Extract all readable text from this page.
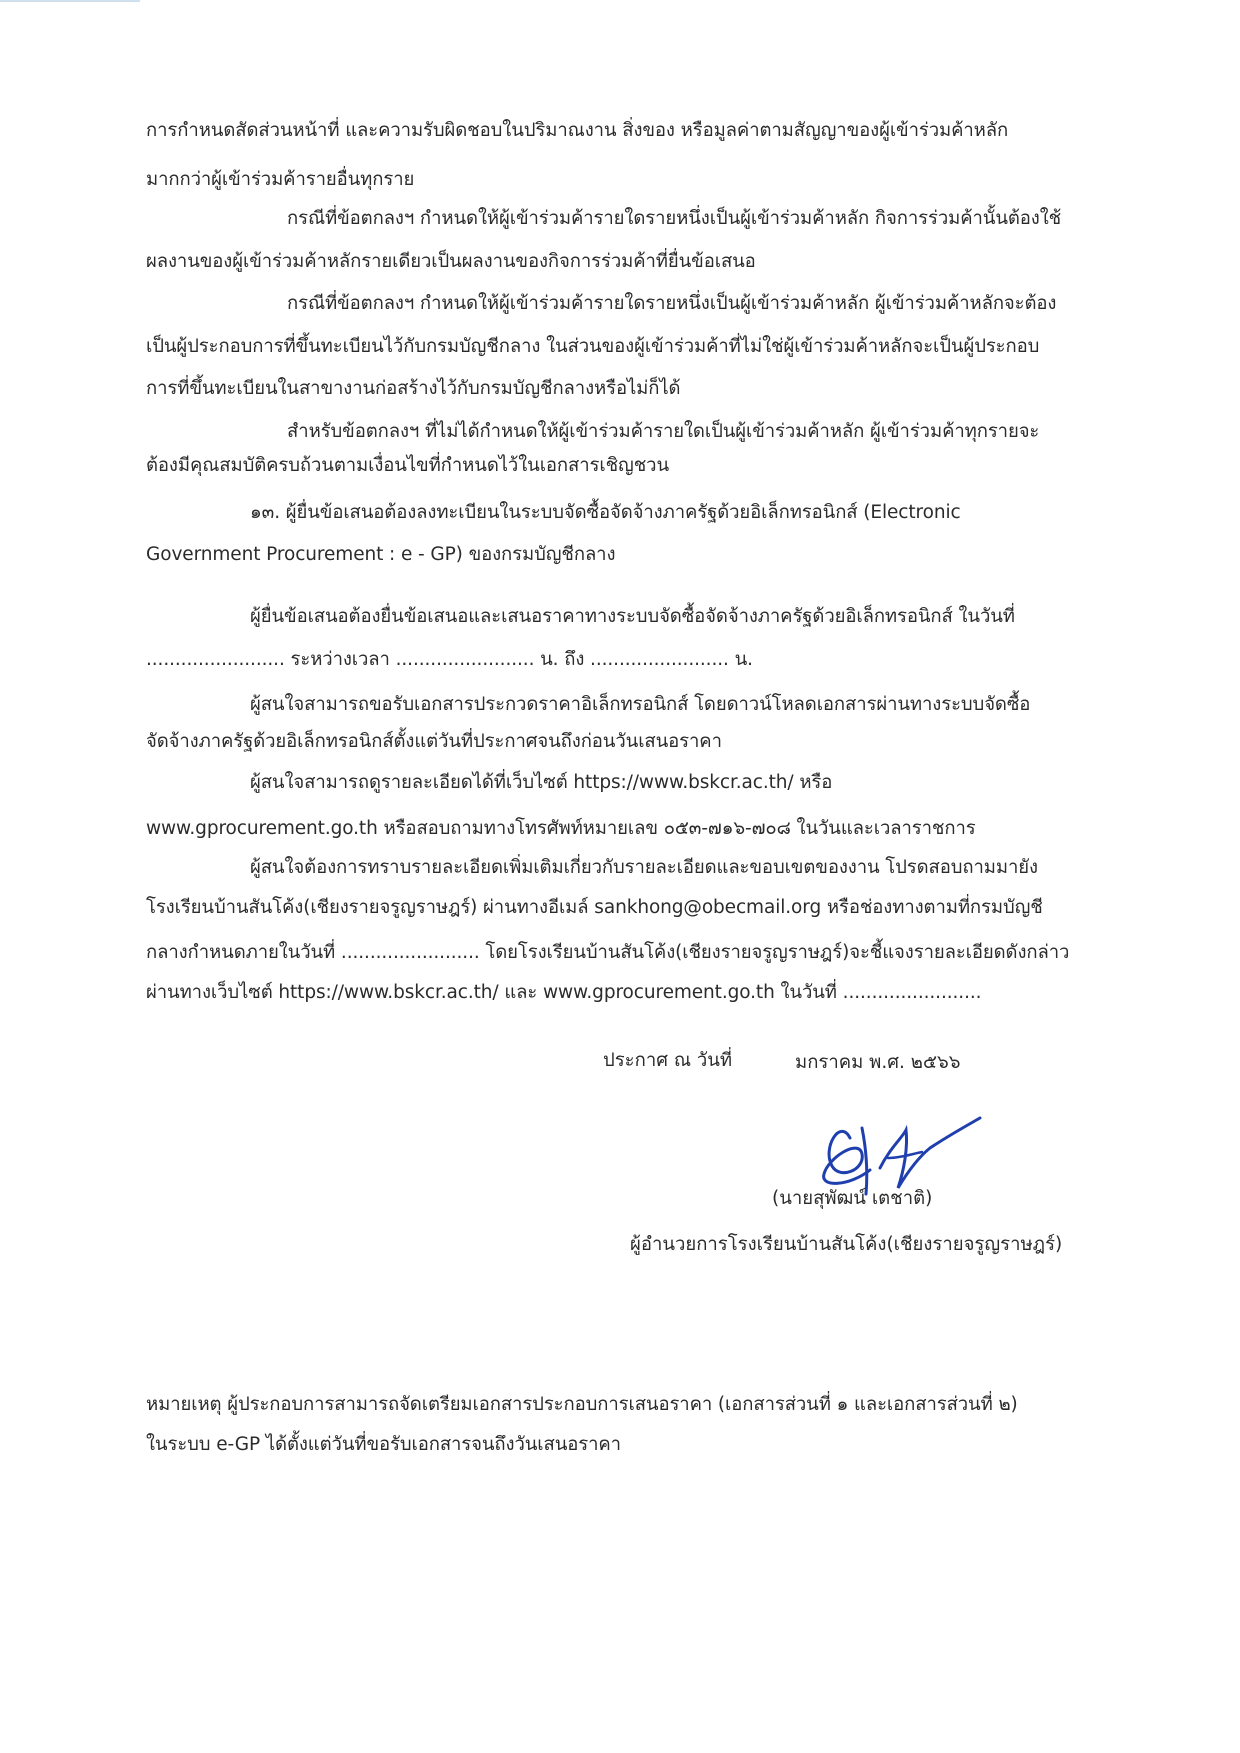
การกำหนดสัดส่วนหน้าที่ และความรับผิดชอบในปริมาณงาน สิ่งของ หรือมูลค่าตามสัญญาของผู้เข้าร่วมค้าหลัก
มากกว่าผู้เข้าร่วมค้ารายอื่นทุกราย
กรณีที่ข้อตกลงฯ กำหนดให้ผู้เข้าร่วมค้ารายใดรายหนึ่งเป็นผู้เข้าร่วมค้าหลัก กิจการร่วมค้านั้นต้องใช้
ผลงานของผู้เข้าร่วมค้าหลักรายเดียวเป็นผลงานของกิจการร่วมค้าที่ยื่นข้อเสนอ
กรณีที่ข้อตกลงฯ กำหนดให้ผู้เข้าร่วมค้ารายใดรายหนึ่งเป็นผู้เข้าร่วมค้าหลัก ผู้เข้าร่วมค้าหลักจะต้อง
เป็นผู้ประกอบการที่ขึ้นทะเบียนไว้กับกรมบัญชีกลาง ในส่วนของผู้เข้าร่วมค้าที่ไม่ใช่ผู้เข้าร่วมค้าหลักจะเป็นผู้ประกอบ
การที่ขึ้นทะเบียนในสาขางานก่อสร้างไว้กับกรมบัญชีกลางหรือไม่ก็ได้
สำหรับข้อตกลงฯ ที่ไม่ได้กำหนดให้ผู้เข้าร่วมค้ารายใดเป็นผู้เข้าร่วมค้าหลัก ผู้เข้าร่วมค้าทุกรายจะ
ต้องมีคุณสมบัติครบถ้วนตามเงื่อนไขที่กำหนดไว้ในเอกสารเชิญชวน
๑๓. ผู้ยื่นข้อเสนอต้องลงทะเบียนในระบบจัดซื้อจัดจ้างภาครัฐด้วยอิเล็กทรอนิกส์ (Electronic
Government Procurement : e - GP) ของกรมบัญชีกลาง
ผู้ยื่นข้อเสนอต้องยื่นข้อเสนอและเสนอราคาทางระบบจัดซื้อจัดจ้างภาครัฐด้วยอิเล็กทรอนิกส์ ในวันที่
........................ ระหว่างเวลา ........................ น. ถึง ........................ น.
ผู้สนใจสามารถขอรับเอกสารประกวดราคาอิเล็กทรอนิกส์ โดยดาวน์โหลดเอกสารผ่านทางระบบจัดซื้อ
จัดจ้างภาครัฐด้วยอิเล็กทรอนิกส์ตั้งแต่วันที่ประกาศจนถึงก่อนวันเสนอราคา
ผู้สนใจสามารถดูรายละเอียดได้ที่เว็บไซต์ https://www.bskcr.ac.th/ หรือ
www.gprocurement.go.th หรือสอบถามทางโทรศัพท์หมายเลข ๐๕๓-๗๑๖-๗๐๘ ในวันและเวลาราชการ
ผู้สนใจต้องการทราบรายละเอียดเพิ่มเติมเกี่ยวกับรายละเอียดและขอบเขตของงาน โปรดสอบถามมายัง
โรงเรียนบ้านสันโค้ง(เชียงรายจรูญราษฎร์) ผ่านทางอีเมล์ sankhong@obecmail.org หรือช่องทางตามที่กรมบัญชี
กลางกำหนดภายในวันที่ ........................ โดยโรงเรียนบ้านสันโค้ง(เชียงรายจรูญราษฎร์)จะชี้แจงรายละเอียดดังกล่าว
ผ่านทางเว็บไซต์ https://www.bskcr.ac.th/ และ www.gprocurement.go.th ในวันที่ ........................
ประกาศ ณ วันที่	มกราคม พ.ศ. ๒๕๖๖
(นายสุพัฒน์ เตชาติ)
ผู้อำนวยการโรงเรียนบ้านสันโค้ง(เชียงรายจรูญราษฎร์)
หมายเหตุ ผู้ประกอบการสามารถจัดเตรียมเอกสารประกอบการเสนอราคา (เอกสารส่วนที่ ๑ และเอกสารส่วนที่ ๒)
ในระบบ e-GP ได้ตั้งแต่วันที่ขอรับเอกสารจนถึงวันเสนอราคา
